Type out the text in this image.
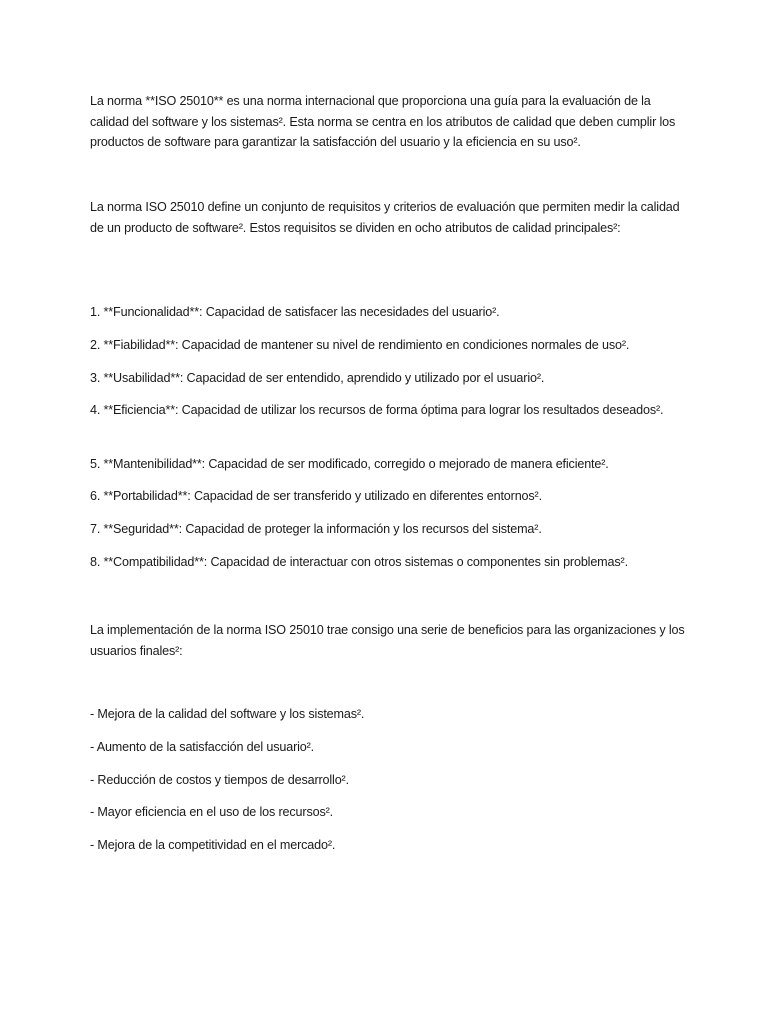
La norma **ISO 25010** es una norma internacional que proporciona una guía para la evaluación de la calidad del software y los sistemas². Esta norma se centra en los atributos de calidad que deben cumplir los productos de software para garantizar la satisfacción del usuario y la eficiencia en su uso².

La norma ISO 25010 define un conjunto de requisitos y criterios de evaluación que permiten medir la calidad de un producto de software². Estos requisitos se dividen en ocho atributos de calidad principales²:

1. **Funcionalidad**: Capacidad de satisfacer las necesidades del usuario².

2. **Fiabilidad**: Capacidad de mantener su nivel de rendimiento en condiciones normales de uso².

3. **Usabilidad**: Capacidad de ser entendido, aprendido y utilizado por el usuario².

4. **Eficiencia**: Capacidad de utilizar los recursos de forma óptima para lograr los resultados deseados².

5. **Mantenibilidad**: Capacidad de ser modificado, corregido o mejorado de manera eficiente².

6. **Portabilidad**: Capacidad de ser transferido y utilizado en diferentes entornos².

7. **Seguridad**: Capacidad de proteger la información y los recursos del sistema².

8. **Compatibilidad**: Capacidad de interactuar con otros sistemas o componentes sin problemas².

La implementación de la norma ISO 25010 trae consigo una serie de beneficios para las organizaciones y los usuarios finales²:

- Mejora de la calidad del software y los sistemas².

- Aumento de la satisfacción del usuario².

- Reducción de costos y tiempos de desarrollo².

- Mayor eficiencia en el uso de los recursos².

- Mejora de la competitividad en el mercado².
